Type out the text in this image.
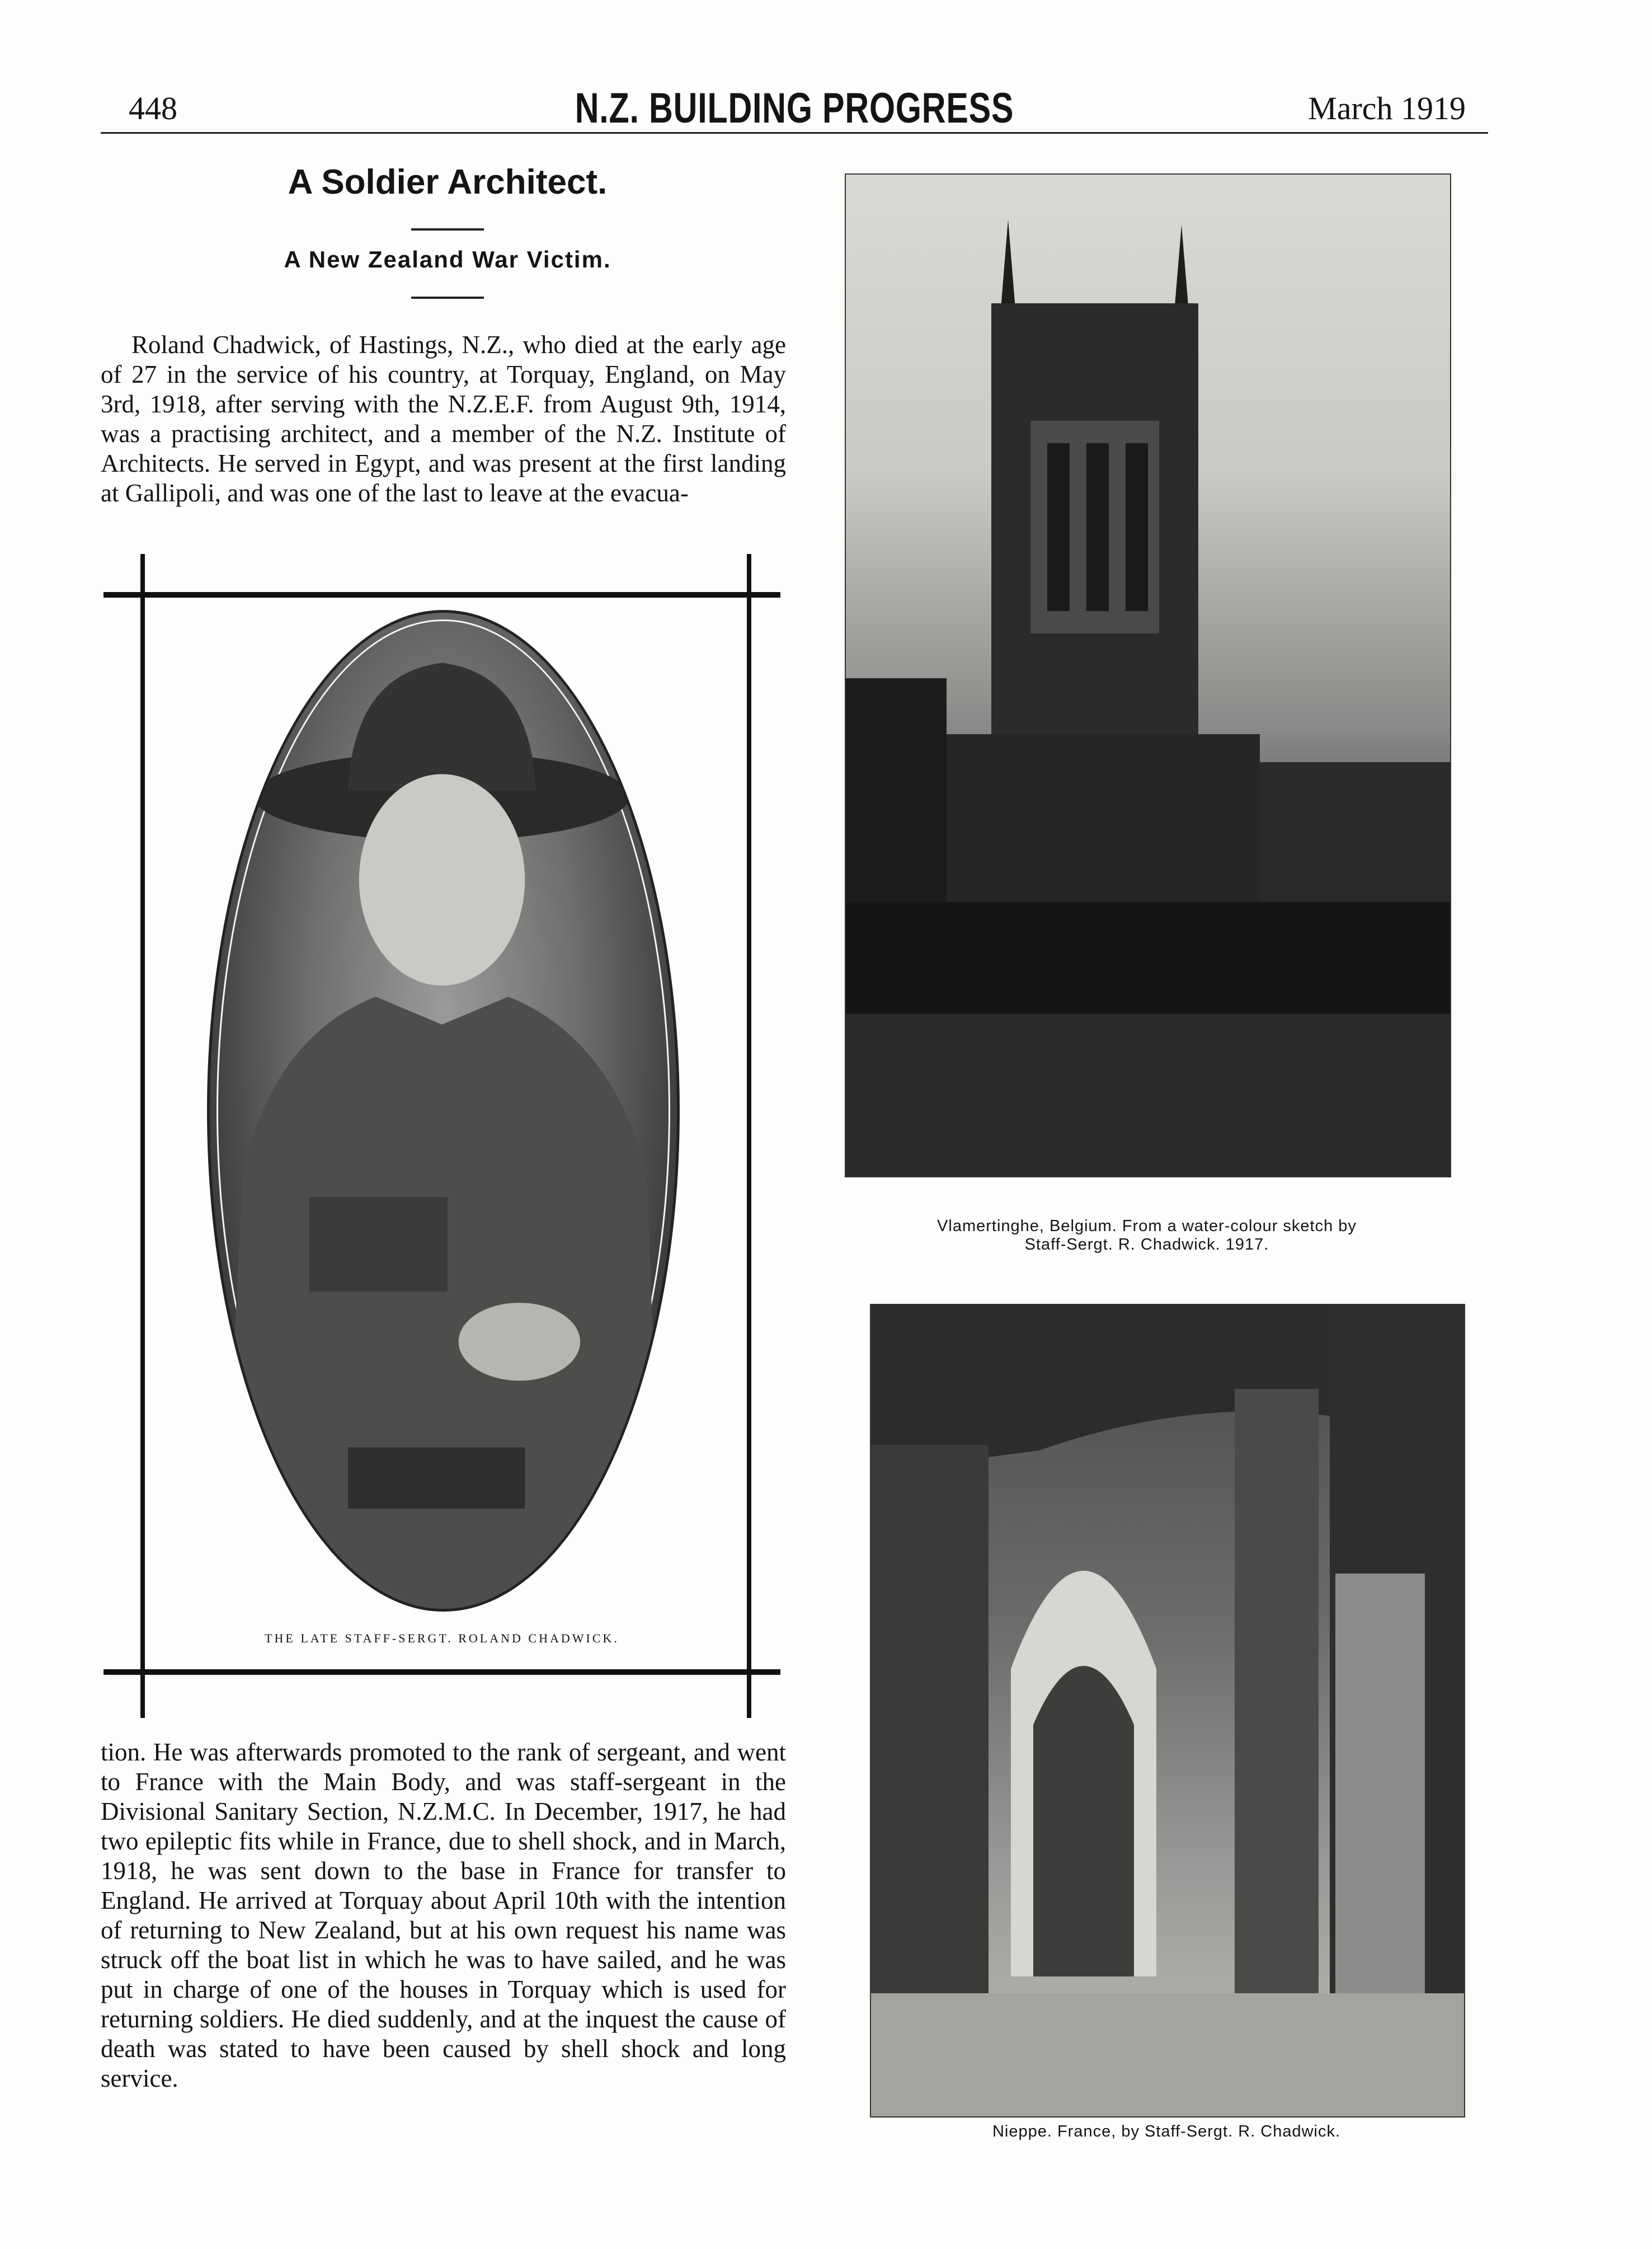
448	N.Z. BUILDING PROGRESS	March 1919
A Soldier Architect.
A New Zealand War Victim.
Roland Chadwick, of Hastings, N.Z., who died at the early age of 27 in the service of his country, at Torquay, England, on May 3rd, 1918, after serving with the N.Z.E.F. from August 9th, 1914, was a practising architect, and a member of the N.Z. Institute of Architects. He served in Egypt, and was present at the first landing at Gallipoli, and was one of the last to leave at the evacua-
THE LATE STAFF-SERGT. ROLAND CHADWICK.
tion. He was afterwards promoted to the rank of sergeant, and went to France with the Main Body, and was staff-sergeant in the Divisional Sanitary Section, N.Z.M.C. In December, 1917, he had two epileptic fits while in France, due to shell shock, and in March, 1918, he was sent down to the base in France for transfer to England. He arrived at Torquay about April 10th with the intention of returning to New Zealand, but at his own request his name was struck off the boat list in which he was to have sailed, and he was put in charge of one of the houses in Torquay which is used for returning soldiers. He died suddenly, and at the inquest the cause of death was stated to have been caused by shell shock and long service.
Vlamertinghe, Belgium. From a water-colour sketch by
Staff-Sergt. R. Chadwick. 1917.
Nieppe. France, by Staff-Sergt. R. Chadwick.
